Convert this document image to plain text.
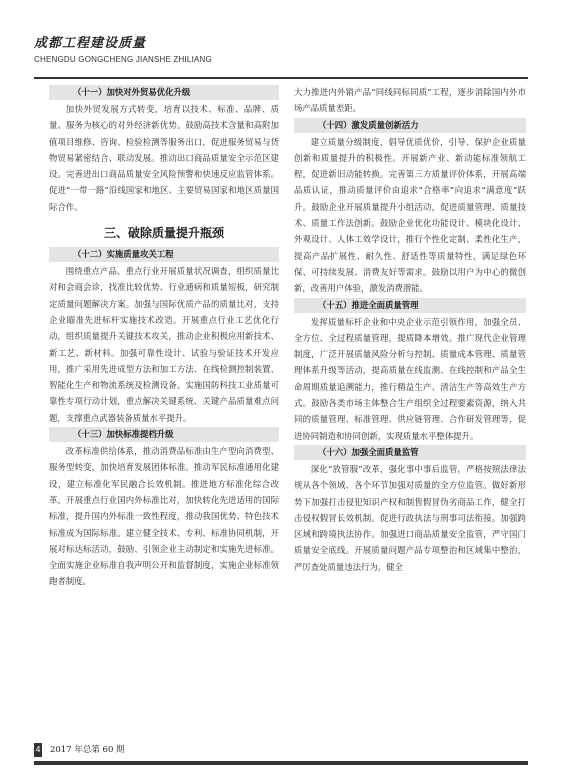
成都工程建设质量
CHENGDU GONGCHENG JIANSHE ZHILIANG
（十一）加快对外贸易优化升级

加快外贸发展方式转变，培育以技术、标准、品牌、质量、服务为核心的对外经济新优势。鼓励高技术含量和高附加值项目维修、咨询、检验检测等服务出口，促进服务贸易与货物贸易紧密结合、联动发展。推动出口商品质量安全示范区建设。完善进出口商品质量安全风险预警和快速反应监管体系。促进“一带一路”沿线国家和地区、主要贸易国家和地区质量国际合作。

三、破除质量提升瓶颈
（十二）实施质量攻关工程

围绕重点产品、重点行业开展质量状况调查，组织质量比对和会商会诊，找准比较优势、行业通病和质量短板，研究制定质量问题解决方案。加强与国际优质产品的质量比对，支持企业瞄准先进标杆实施技术改造。开展重点行业工艺优化行动，组织质量提升关键技术攻关，推动企业积极应用新技术、新工艺、新材料。加强可靠性设计、试验与验证技术开发应用，推广采用先进成型方法和加工方法、在线检测控制装置、智能化生产和物流系统及检测设备。实施国防科技工业质量可靠性专项行动计划，重点解决关键系统、关键产品质量难点问题，支撑重点武器装备质量水平提升。

（十三）加快标准提档升级

改革标准供给体系，推动消费品标准由生产型向消费型、服务型转变，加快培育发展团体标准。推动军民标准通用化建设，建立标准化军民融合长效机制。推进地方标准化综合改革。开展重点行业国内外标准比对，加快转化先进适用的国际标准，提升国内外标准一致性程度，推动我国优势、特色技术标准成为国际标准。建立健全技术、专利、标准协同机制，开展对标达标活动，鼓励、引领企业主动制定和实施先进标准。全面实施企业标准自我声明公开和监督制度，实施企业标准领跑者制度。

大力推进内外销产品“同线同标同质”工程，逐步消除国内外市场产品质量差距。

（十四）激发质量创新活力

建立质量分级制度，倡导优质优价，引导、保护企业质量创新和质量提升的积极性。开展新产业、新动能标准领航工程，促进新旧动能转换。完善第三方质量评价体系，开展高端品质认证，推动质量评价由追求“合格率”向追求“满意度”跃升。鼓励企业开展质量提升小组活动，促进质量管理、质量技术、质量工作法创新。鼓励企业优化功能设计、模块化设计、外观设计、人体工效学设计，推行个性化定制、柔性化生产，提高产品扩展性、耐久性、舒适性等质量特性，满足绿色环保、可持续发展、消费友好等需求。鼓励以用户为中心的微创新，改善用户体验，激发消费潜能。

（十五）推进全面质量管理

发挥质量标杆企业和中央企业示范引领作用，加强全员、全方位、全过程质量管理，提质降本增效。推广现代企业管理制度，广泛开展质量风险分析与控制、质量成本管理、质量管理体系升级等活动，提高质量在线监测、在线控制和产品全生命周期质量追溯能力，推行精益生产、清洁生产等高效生产方式。鼓励各类市场主体整合生产组织全过程要素资源，纳入共同的质量管理、标准管理、供应链管理、合作研发管理等，促进协同制造和协同创新，实现质量水平整体提升。

（十六）加强全面质量监管

深化“放管服”改革，强化事中事后监管，严格按照法律法规从各个领域、各个环节加强对质量的全方位监管。做好新形势下加强打击侵犯知识产权和制售假冒伪劣商品工作，健全打击侵权假冒长效机制。促进行政执法与刑事司法衔接。加强跨区域和跨境执法协作。加强进口商品质量安全监管，严守国门质量安全底线。开展质量问题产品专项整治和区域集中整治，严厉查处质量违法行为。健全

4 2017 年总第 60 期
